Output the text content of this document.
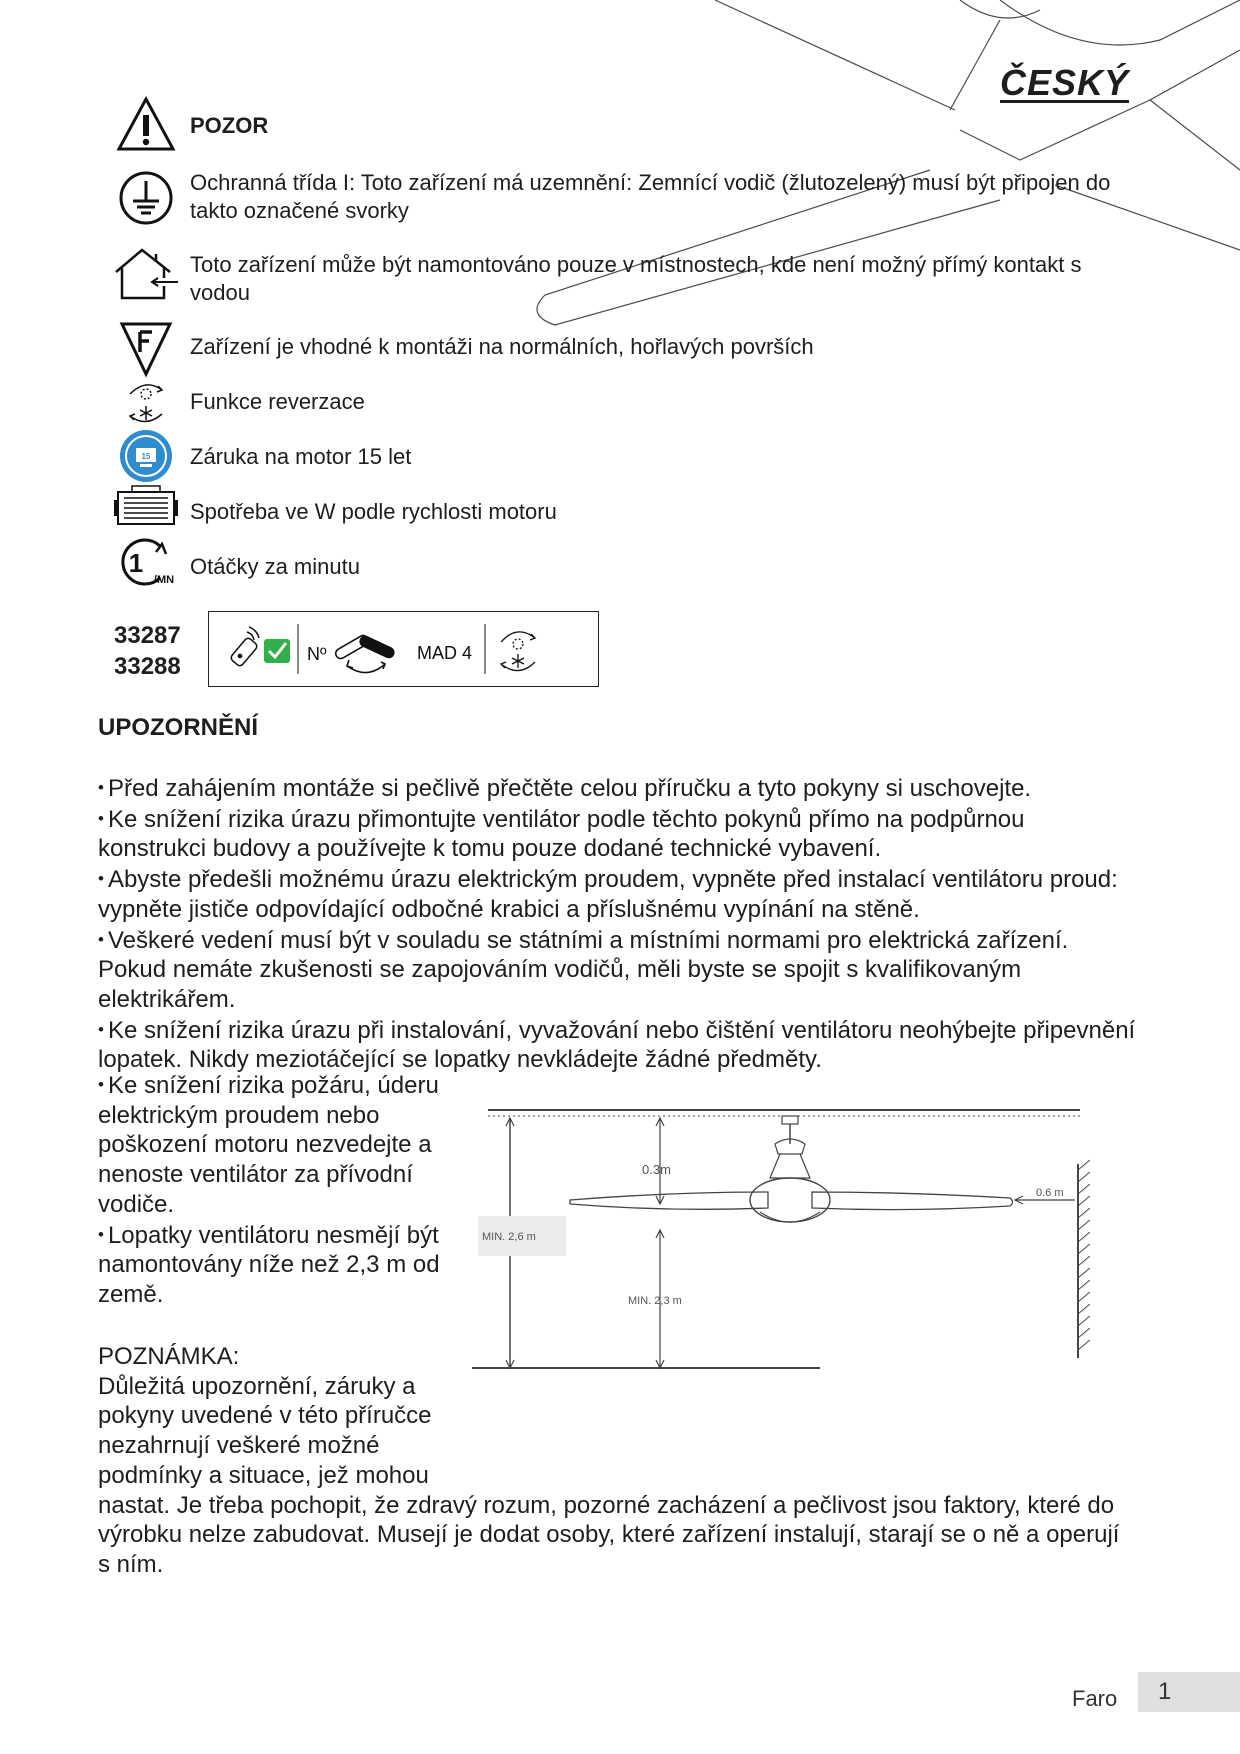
ČESKÝ
15
1
/MN
POZOR
Ochranná třída I: Toto zařízení má uzemnění: Zemnící vodič (žlutozelený) musí být připojen do takto označené svorky
Toto zařízení může být namontováno pouze v místnostech, kde není možný přímý kontakt s vodou
Zařízení je vhodné k montáži na normálních, hořlavých površích
Funkce reverzace
Záruka na motor 15 let
Spotřeba ve W podle rychlosti motoru
Otáčky za minutu
33287
33288	Nº	MAD 4
UPOZORNĚNÍ

• Před zahájením montáže si pečlivě přečtěte celou příručku a tyto pokyny si uschovejte.

• Ke snížení rizika úrazu přimontujte ventilátor podle těchto pokynů přímo na podpůrnou konstrukci budovy a používejte k tomu pouze dodané technické vybavení.

• Abyste předešli možnému úrazu elektrickým proudem, vypněte před instalací ventilátoru proud: vypněte jističe odpovídající odbočné krabici a příslušnému vypínání na stěně.

• Veškeré vedení musí být v souladu se státními a místními normami pro elektrická zařízení. Pokud nemáte zkušenosti se zapojováním vodičů, měli byste se spojit s kvalifikovaným elektrikářem.

• Ke snížení rizika úrazu při instalování, vyvažování nebo čištění ventilátoru neohýbejte připevnění lopatek. Nikdy meziotáčející se lopatky nevkládejte žádné předměty.

• Ke snížení rizika požáru, úderu elektrickým proudem nebo poškození motoru nezvedejte a nenoste ventilátor za přívodní vodiče.

• Lopatky ventilátoru nesmějí být namontovány níže než 2,3 m od země.

MIN. 2,6 m
0.3m
MIN. 2,3 m
0.6 m

POZNÁMKA:

Důležitá upozornění, záruky a

pokyny uvedené v této příručce

nezahrnují veškeré možné

podmínky a situace, jež mohou

nastat. Je třeba pochopit, že zdravý rozum, pozorné zacházení a pečlivost jsou faktory, které do výrobku nelze zabudovat. Musejí je dodat osoby, které zařízení instalují, starají se o ně a operují s ním.

Faro	1
